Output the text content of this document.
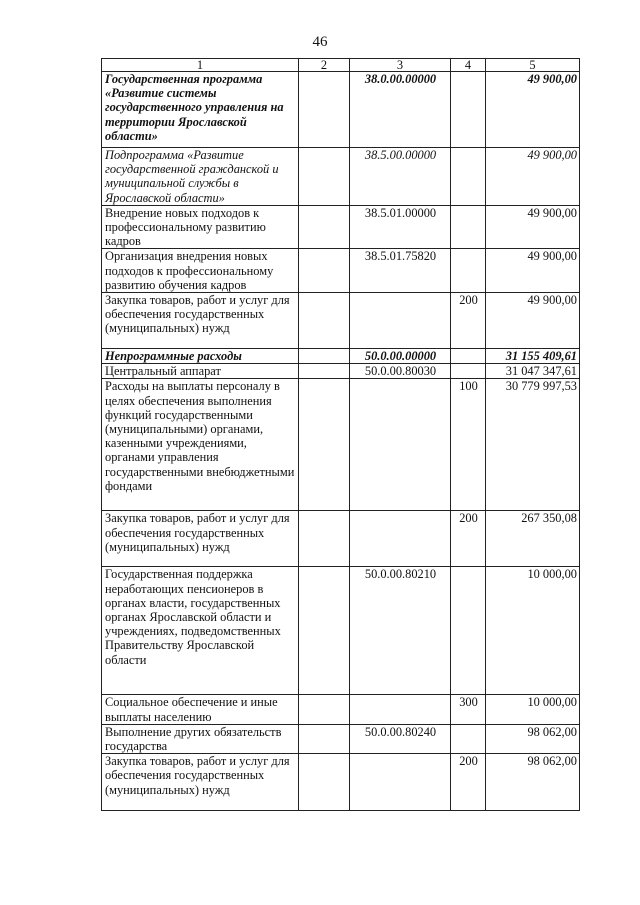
46
1	2	3	4	5
Государственная программа «Развитие системы государственного управления на территории Ярославской области»		38.0.00.00000		49 900,00
Подпрограмма «Развитие государственной гражданской и муниципальной службы в Ярославской области»		38.5.00.00000		49 900,00
Внедрение новых подходов к профессиональному развитию кадров		38.5.01.00000		49 900,00
Организация внедрения новых подходов к профессиональному развитию обучения кадров		38.5.01.75820		49 900,00
Закупка товаров, работ и услуг для обеспечения государственных (муниципальных) нужд			200	49 900,00
Непрограммные расходы		50.0.00.00000		31 155 409,61
Центральный аппарат		50.0.00.80030		31 047 347,61
Расходы на выплаты персоналу в целях обеспечения выполнения функций государственными (муниципальными) органами, казенными учреждениями, органами управления государственными внебюджетными фондами			100	30 779 997,53
Закупка товаров, работ и услуг для обеспечения государственных (муниципальных) нужд			200	267 350,08
Государственная поддержка неработающих пенсионеров в органах власти, государственных органах Ярославской области и учреждениях, подведомственных Правительству Ярославской области		50.0.00.80210		10 000,00
Социальное обеспечение и иные выплаты населению			300	10 000,00
Выполнение других обязательств государства		50.0.00.80240		98 062,00
Закупка товаров, работ и услуг для обеспечения государственных (муниципальных) нужд			200	98 062,00
